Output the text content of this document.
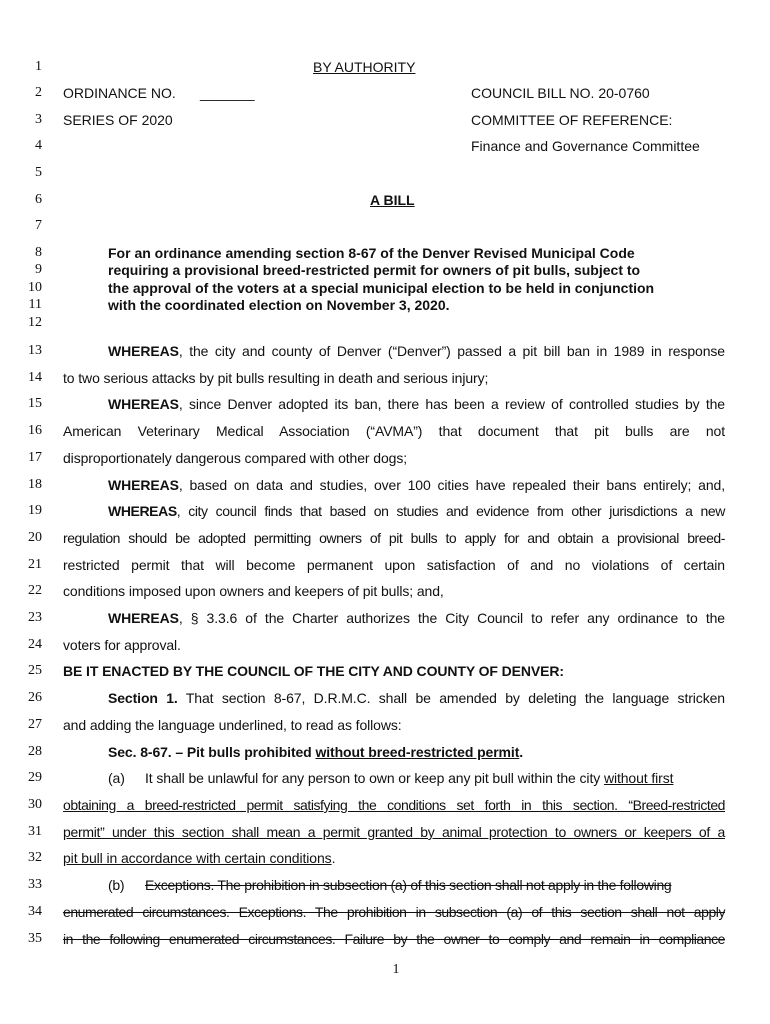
1
2
3
4
5
6
7
8
9
10
11
12
13
14
15
16
17
18
19
20
21
22
23
24
25
26
27
28
29
30
31
32
33
34
35
BY AUTHORITY
ORDINANCE NO. _______	COUNCIL BILL NO. 20-0760
SERIES OF 2020	COMMITTEE OF REFERENCE:
Finance and Governance Committee
A BILL
For an ordinance amending section 8-67 of the Denver Revised Municipal Code
requiring a provisional breed-restricted permit for owners of pit bulls, subject to
the approval of the voters at a special municipal election to be held in conjunction
with the coordinated election on November 3, 2020.
WHEREAS, the city and county of Denver (“Denver”) passed a pit bill ban in 1989 in response
to two serious attacks by pit bulls resulting in death and serious injury;
WHEREAS, since Denver adopted its ban, there has been a review of controlled studies by the
American Veterinary Medical Association (“AVMA”) that document that pit bulls are not
disproportionately dangerous compared with other dogs;
WHEREAS, based on data and studies, over 100 cities have repealed their bans entirely; and,
WHEREAS, city council finds that based on studies and evidence from other jurisdictions a new
regulation should be adopted permitting owners of pit bulls to apply for and obtain a provisional breed-
restricted permit that will become permanent upon satisfaction of and no violations of certain
conditions imposed upon owners and keepers of pit bulls; and,
WHEREAS, § 3.3.6 of the Charter authorizes the City Council to refer any ordinance to the
voters for approval.
BE IT ENACTED BY THE COUNCIL OF THE CITY AND COUNTY OF DENVER:
Section 1. That section 8-67, D.R.M.C. shall be amended by deleting the language stricken
and adding the language underlined, to read as follows:
Sec. 8-67. – Pit bulls prohibited without breed-restricted permit.
(a) It shall be unlawful for any person to own or keep any pit bull within the city without first
obtaining a breed-restricted permit satisfying the conditions set forth in this section. “Breed-restricted
permit” under this section shall mean a permit granted by animal protection to owners or keepers of a
pit bull in accordance with certain conditions.
(b) Exceptions. The prohibition in subsection (a) of this section shall not apply in the following
enumerated circumstances. Exceptions. The prohibition in subsection (a) of this section shall not apply
in the following enumerated circumstances. Failure by the owner to comply and remain in compliance
1
